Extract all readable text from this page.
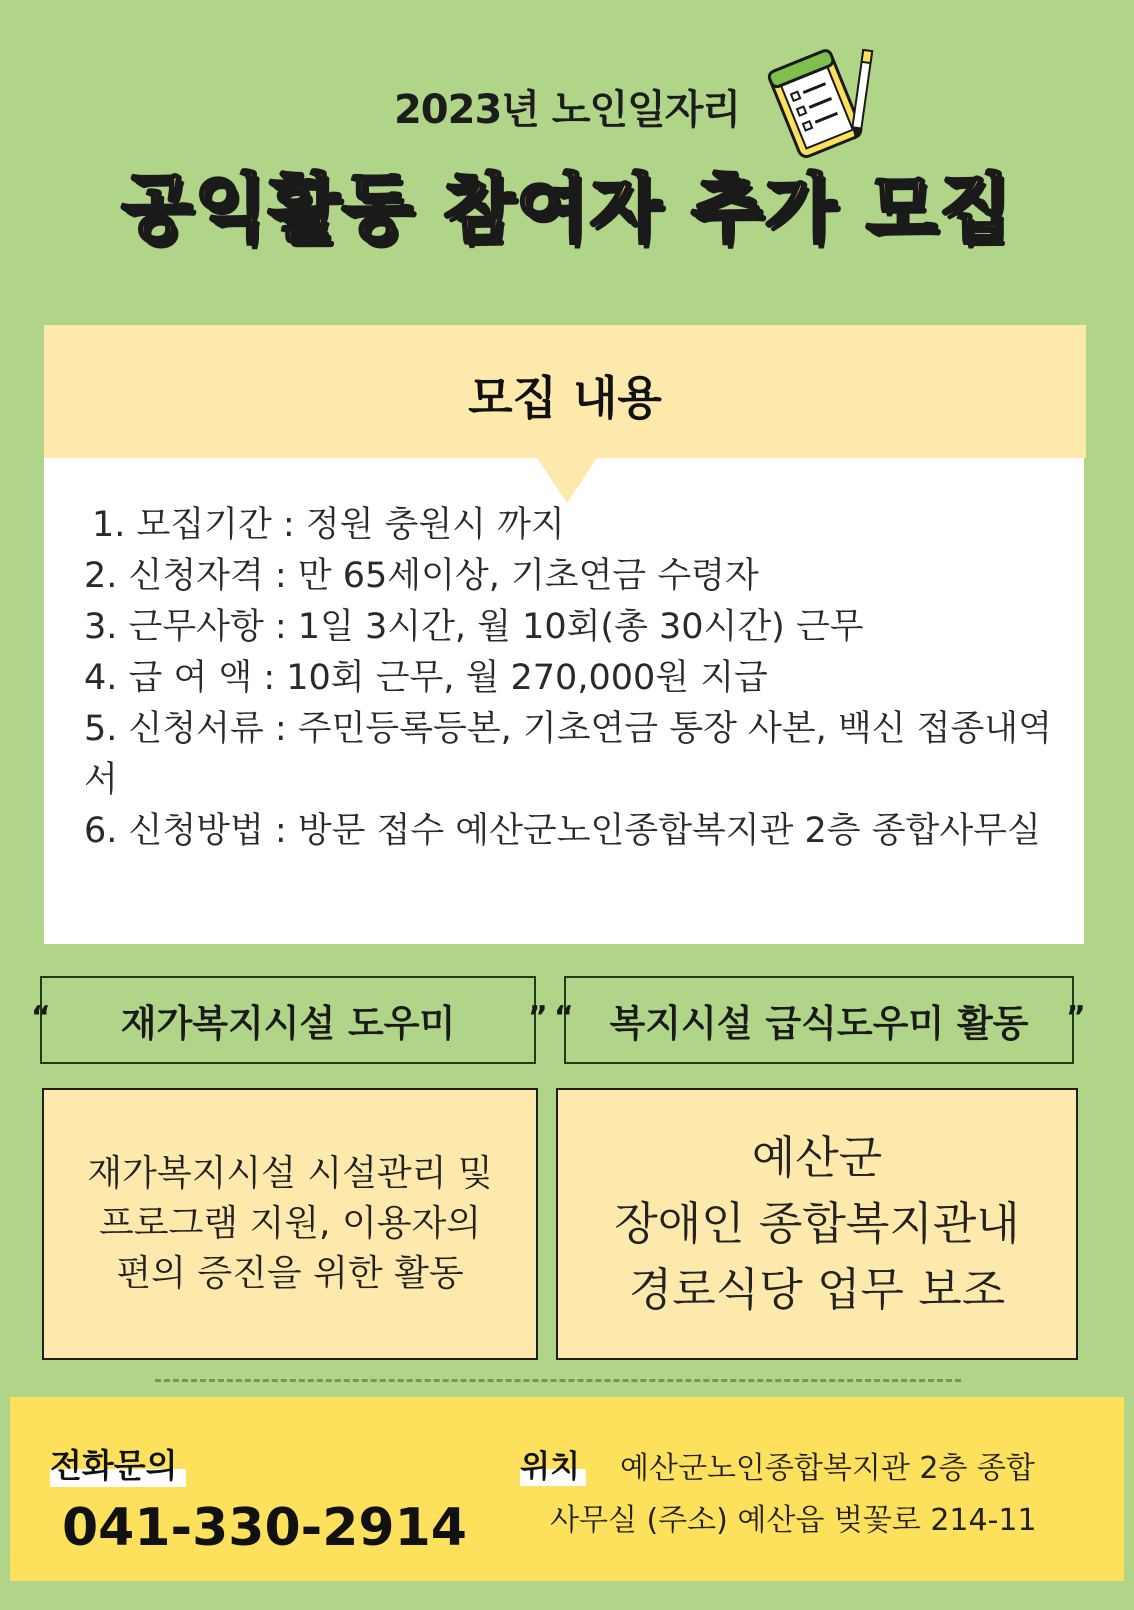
2023년 노인일자리
공익활동 참여자 추가 모집
모집 내용
1. 모집기간 : 정원 충원시 까지
2. 신청자격 : 만 65세이상, 기초연금 수령자
3. 근무사항 : 1일 3시간, 월 10회(총 30시간) 근무
4. 급 여 액 : 10회 근무, 월 270,000원 지급
5. 신청서류 : 주민등록등본, 기초연금 통장 사본, 백신 접종내역서
6. 신청방법 : 방문 접수 예산군노인종합복지관 2층 종합사무실
재가복지시설 도우미
“	”
재가복지시설 시설관리 및
프로그램 지원, 이용자의
편의 증진을 위한 활동
복지시설 급식도우미 활동
“	”
예산군
장애인 종합복지관내
경로식당 업무 보조
전화문의
041-330-2914
위치 예산군노인종합복지관 2층 종합
사무실 (주소) 예산읍 벚꽃로 214-11
